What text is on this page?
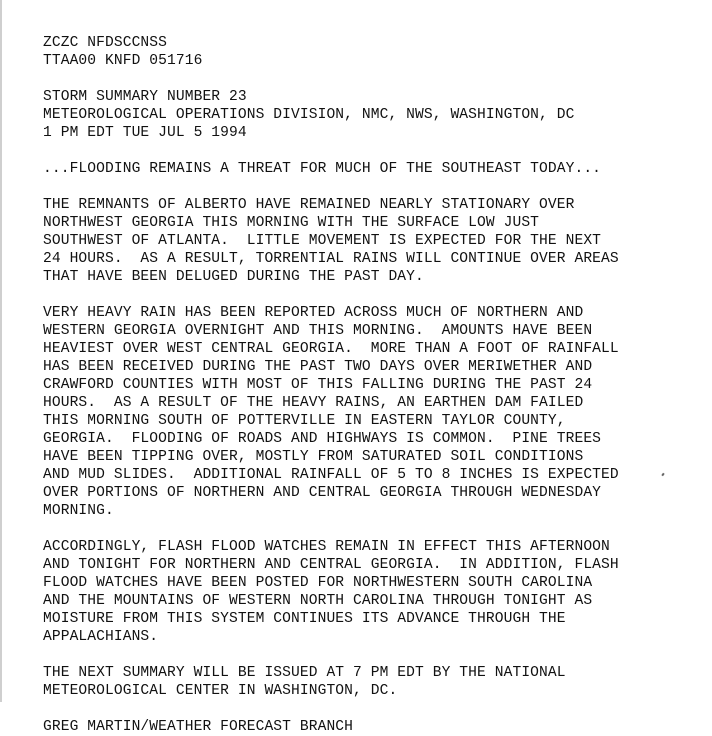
ZCZC NFDSCCNSS
TTAA00 KNFD 051716
STORM SUMMARY NUMBER 23
METEOROLOGICAL OPERATIONS DIVISION, NMC, NWS, WASHINGTON, DC
1 PM EDT TUE JUL 5 1994
...FLOODING REMAINS A THREAT FOR MUCH OF THE SOUTHEAST TODAY...
THE REMNANTS OF ALBERTO HAVE REMAINED NEARLY STATIONARY OVER
NORTHWEST GEORGIA THIS MORNING WITH THE SURFACE LOW JUST
SOUTHWEST OF ATLANTA.  LITTLE MOVEMENT IS EXPECTED FOR THE NEXT
24 HOURS.  AS A RESULT, TORRENTIAL RAINS WILL CONTINUE OVER AREAS
THAT HAVE BEEN DELUGED DURING THE PAST DAY.
VERY HEAVY RAIN HAS BEEN REPORTED ACROSS MUCH OF NORTHERN AND
WESTERN GEORGIA OVERNIGHT AND THIS MORNING.  AMOUNTS HAVE BEEN
HEAVIEST OVER WEST CENTRAL GEORGIA.  MORE THAN A FOOT OF RAINFALL
HAS BEEN RECEIVED DURING THE PAST TWO DAYS OVER MERIWETHER AND
CRAWFORD COUNTIES WITH MOST OF THIS FALLING DURING THE PAST 24
HOURS.  AS A RESULT OF THE HEAVY RAINS, AN EARTHEN DAM FAILED
THIS MORNING SOUTH OF POTTERVILLE IN EASTERN TAYLOR COUNTY,
GEORGIA.  FLOODING OF ROADS AND HIGHWAYS IS COMMON.  PINE TREES
HAVE BEEN TIPPING OVER, MOSTLY FROM SATURATED SOIL CONDITIONS
AND MUD SLIDES.  ADDITIONAL RAINFALL OF 5 TO 8 INCHES IS EXPECTED
OVER PORTIONS OF NORTHERN AND CENTRAL GEORGIA THROUGH WEDNESDAY
MORNING.
ACCORDINGLY, FLASH FLOOD WATCHES REMAIN IN EFFECT THIS AFTERNOON
AND TONIGHT FOR NORTHERN AND CENTRAL GEORGIA.  IN ADDITION, FLASH
FLOOD WATCHES HAVE BEEN POSTED FOR NORTHWESTERN SOUTH CAROLINA
AND THE MOUNTAINS OF WESTERN NORTH CAROLINA THROUGH TONIGHT AS
MOISTURE FROM THIS SYSTEM CONTINUES ITS ADVANCE THROUGH THE
APPALACHIANS.
THE NEXT SUMMARY WILL BE ISSUED AT 7 PM EDT BY THE NATIONAL
METEOROLOGICAL CENTER IN WASHINGTON, DC.
GREG MARTIN/WEATHER FORECAST BRANCH
